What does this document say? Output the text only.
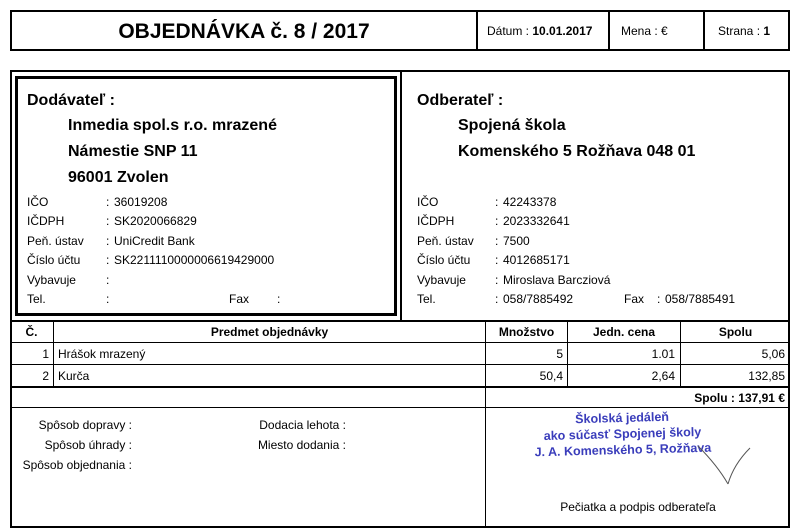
OBJEDNÁVKA č. 8 / 2017	Dátum : 10.01.2017 Mena : €	Strana : 1
Dodávateľ :
Inmedia spol.s r.o. mrazené
Námestie SNP 11
96001 Zvolen
IČO	: 36019208
IČDPH	: SK2020066829
Peň. ústav : UniCredit Bank
Číslo účtu : SK2211110000006619429000
Vybavuje	:
Tel.	:	Fax :
Odberateľ :
Spojená škola
Komenského 5 Rožňava 048 01
IČO	: 42243378
IČDPH	: 2023332641
Peň. ústav : 7500
Číslo účtu : 4012685171
Vybavuje : Miroslava Barcziová
Tel.	: 058/7885492	Fax : 058/7885491
Č.	Predmet objednávky	Množstvo	Jedn. cena	Spolu
1 Hrášok mrazený	5	1.01	5,06
2 Kurča	50,4	2,64	132,85
Spolu : 137,91 €
Spôsob dopravy :
Spôsob úhrady :
Spôsob objednania :
Dodacia lehota :
Miesto dodania :
Školská jedáleň
ako súčasť Spojenej školy
J. A. Komenského 5, Rožňava
Pečiatka a podpis odberateľa
